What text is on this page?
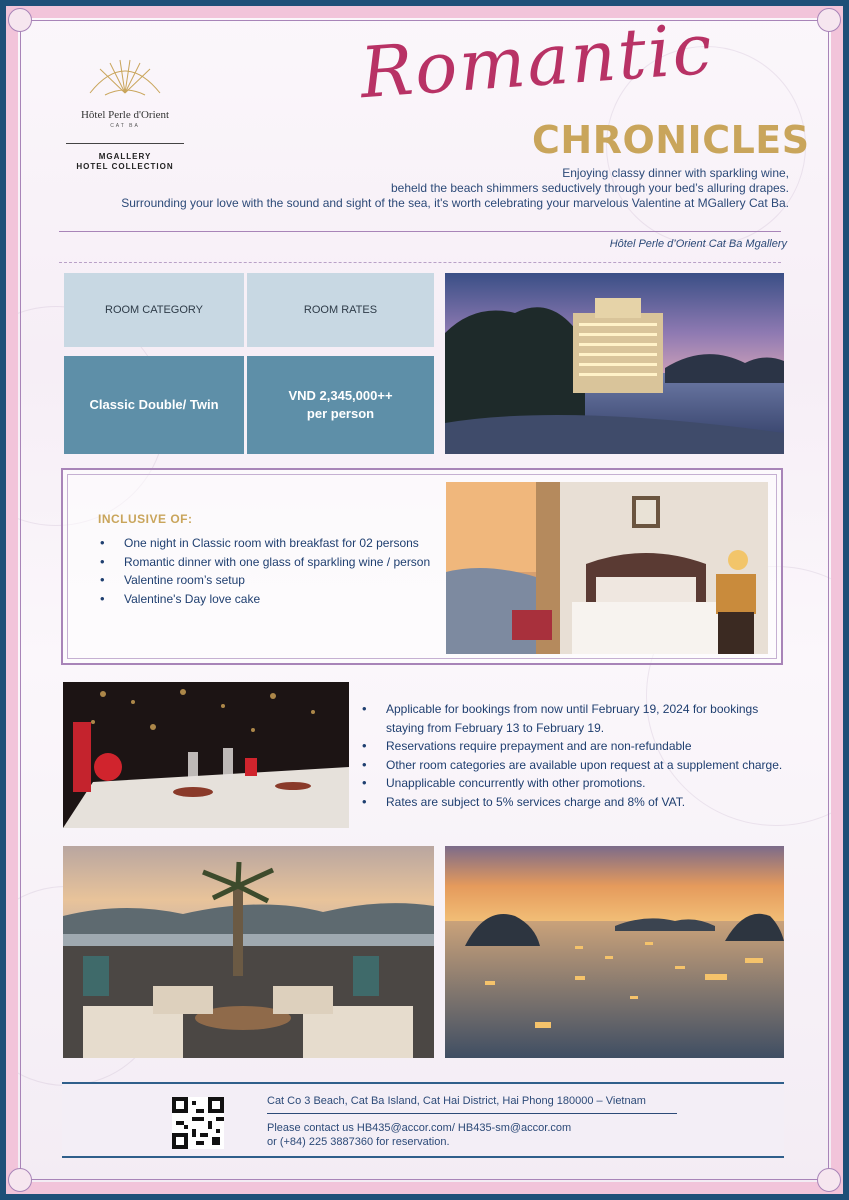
Hôtel Perle d'Orient
CAT BA
MGALLERY
HOTEL COLLECTION
Romantic
CHRONICLES
Enjoying classy dinner with sparkling wine,
beheld the beach shimmers seductively through your bed’s alluring drapes.
Surrounding your love with the sound and sight of the sea, it's worth celebrating your marvelous Valentine at MGallery Cat Ba.
Hôtel Perle d’Orient Cat Ba Mgallery
ROOM CATEGORY	ROOM RATES
Classic Double/ Twin
VND 2,345,000++
per person
INCLUSIVE OF:
• One night in Classic room with breakfast for 02 persons
• Romantic dinner with one glass of sparkling wine / person
• Valentine room’s setup
• Valentine's Day love cake
• Applicable for bookings from now until February 19, 2024 for bookings staying from February 13 to February 19.
• Reservations require prepayment and are non-refundable
• Other room categories are available upon request at a supplement charge.
• Unapplicable concurrently with other promotions.
• Rates are subject to 5% services charge and 8% of VAT.
Cat Co 3 Beach, Cat Ba Island, Cat Hai District, Hai Phong 180000 – Vietnam
Please contact us HB435@accor.com/ HB435-sm@accor.com
or (+84) 225 3887360 for reservation.
